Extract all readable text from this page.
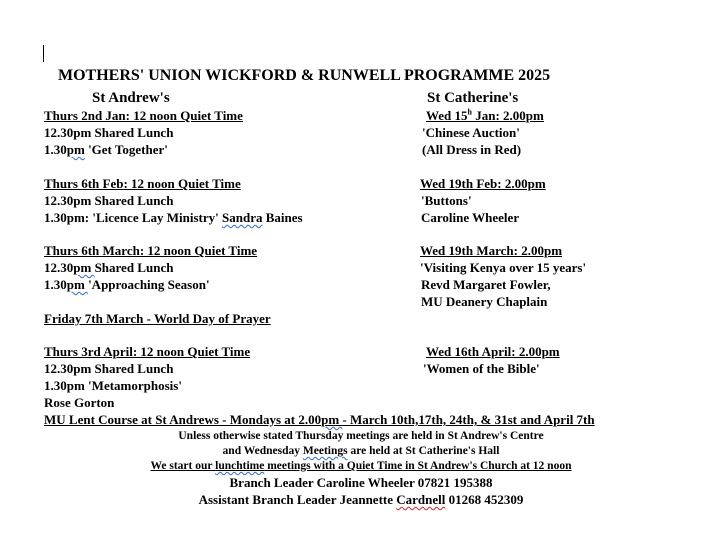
MOTHERS' UNION WICKFORD & RUNWELL PROGRAMME 2025
St Andrew's	St Catherine's
Thurs 2nd Jan: 12 noon Quiet Time
12.30pm Shared Lunch
1.30pm 'Get Together'
Thurs 6th Feb: 12 noon Quiet Time
12.30pm Shared Lunch
1.30pm: 'Licence Lay Ministry' Sandra Baines
Thurs 6th March: 12 noon Quiet Time
12.30pm Shared Lunch
1.30pm 'Approaching Season'
Friday 7th March - World Day of Prayer
Thurs 3rd April: 12 noon Quiet Time
12.30pm Shared Lunch
1.30pm 'Metamorphosis'
Rose Gorton
Wed 15$^h$ Jan: 2.00pm
'Chinese Auction'
(All Dress in Red)
Wed 19th Feb: 2.00pm
'Buttons'
Caroline Wheeler
Wed 19th March: 2.00pm
'Visiting Kenya over 15 years'
Revd Margaret Fowler,
MU Deanery Chaplain
Wed 16th April: 2.00pm
'Women of the Bible'
MU Lent Course at St Andrews - Mondays at 2.00pm - March 10th,17th, 24th, & 31st and April 7th
Unless otherwise stated Thursday meetings are held in St Andrew's Centre
and Wednesday Meetings are held at St Catherine's Hall
We start our lunchtime meetings with a Quiet Time in St Andrew's Church at 12 noon
Branch Leader Caroline Wheeler 07821 195388
Assistant Branch Leader Jeannette Cardnell 01268 452309
